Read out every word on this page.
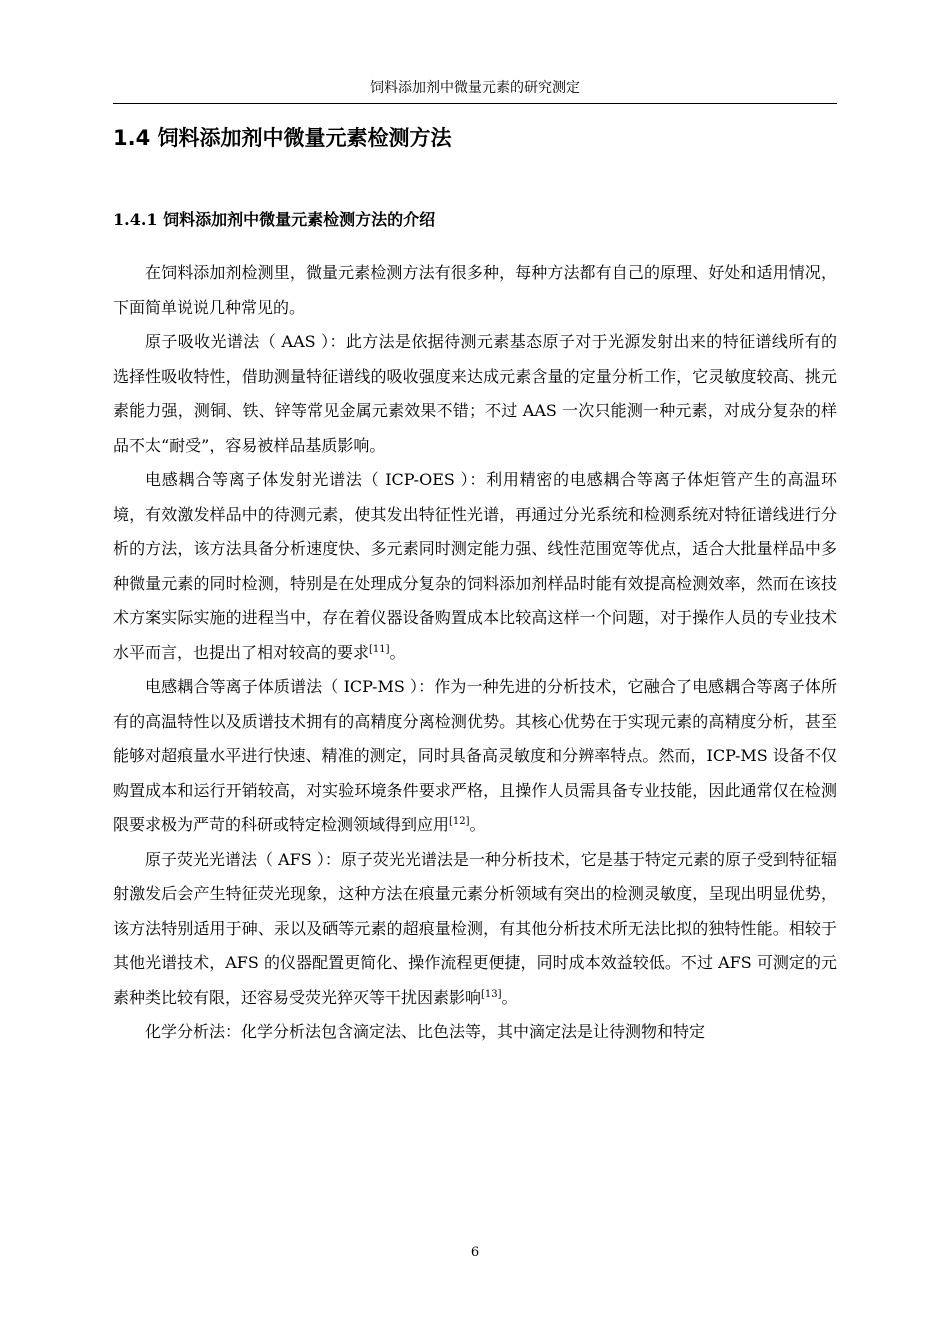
饲料添加剂中微量元素的研究测定
1.4 饲料添加剂中微量元素检测方法
1.4.1 饲料添加剂中微量元素检测方法的介绍

在饲料添加剂检测里，微量元素检测方法有很多种，每种方法都有自己的原理、好处和适用情况，下面简单说说几种常见的。

原子吸收光谱法（ AAS ）：此方法是依据待测元素基态原子对于光源发射出来的特征谱线所有的选择性吸收特性，借助测量特征谱线的吸收强度来达成元素含量的定量分析工作，它灵敏度较高、挑元素能力强，测铜、铁、锌等常见金属元素效果不错；不过 AAS 一次只能测一种元素，对成分复杂的样品不太“耐受”，容易被样品基质影响。

电感耦合等离子体发射光谱法（ ICP-OES ）：利用精密的电感耦合等离子体炬管产生的高温环境，有效激发样品中的待测元素，使其发出特征性光谱，再通过分光系统和检测系统对特征谱线进行分析的方法，该方法具备分析速度快、多元素同时测定能力强、线性范围宽等优点，适合大批量样品中多种微量元素的同时检测，特别是在处理成分复杂的饲料添加剂样品时能有效提高检测效率，然而在该技术方案实际实施的进程当中，存在着仪器设备购置成本比较高这样一个问题，对于操作人员的专业技术水平而言，也提出了相对较高的要求[11]。

电感耦合等离子体质谱法（ ICP-MS ）：作为一种先进的分析技术，它融合了电感耦合等离子体所有的高温特性以及质谱技术拥有的高精度分离检测优势。其核心优势在于实现元素的高精度分析，甚至能够对超痕量水平进行快速、精准的测定，同时具备高灵敏度和分辨率特点。然而，ICP-MS 设备不仅购置成本和运行开销较高，对实验环境条件要求严格，且操作人员需具备专业技能，因此通常仅在检测限要求极为严苛的科研或特定检测领域得到应用[12]。

原子荧光光谱法（ AFS ）：原子荧光光谱法是一种分析技术，它是基于特定元素的原子受到特征辐射激发后会产生特征荧光现象，这种方法在痕量元素分析领域有突出的检测灵敏度，呈现出明显优势，该方法特别适用于砷、汞以及硒等元素的超痕量检测，有其他分析技术所无法比拟的独特性能。相较于其他光谱技术，AFS 的仪器配置更简化、操作流程更便捷，同时成本效益较低。不过 AFS 可测定的元素种类比较有限，还容易受荧光猝灭等干扰因素影响[13]。

化学分析法：化学分析法包含滴定法、比色法等，其中滴定法是让待测物和特定

6
